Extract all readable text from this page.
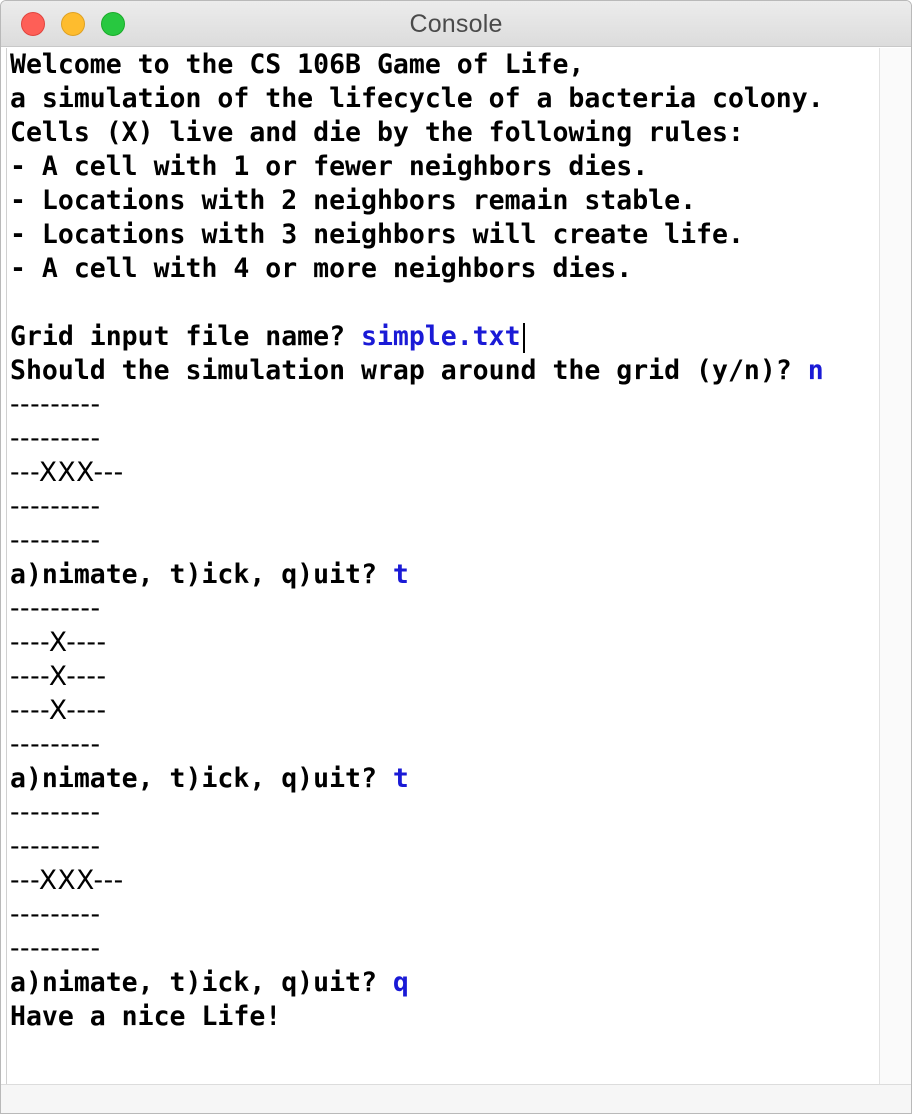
Console
Welcome to the CS 106B Game of Life,
a simulation of the lifecycle of a bacteria colony.
Cells (X) live and die by the following rules:
- A cell with 1 or fewer neighbors dies.
- Locations with 2 neighbors remain stable.
- Locations with 3 neighbors will create life.
- A cell with 4 or more neighbors dies.
Grid input file name? simple.txt
Should the simulation wrap around the grid (y/n)? n
---------
---------
---XXX---
---------
---------
a)nimate, t)ick, q)uit? t
---------
----X----
----X----
----X----
---------
a)nimate, t)ick, q)uit? t
---------
---------
---XXX---
---------
---------
a)nimate, t)ick, q)uit? q
Have a nice Life!
